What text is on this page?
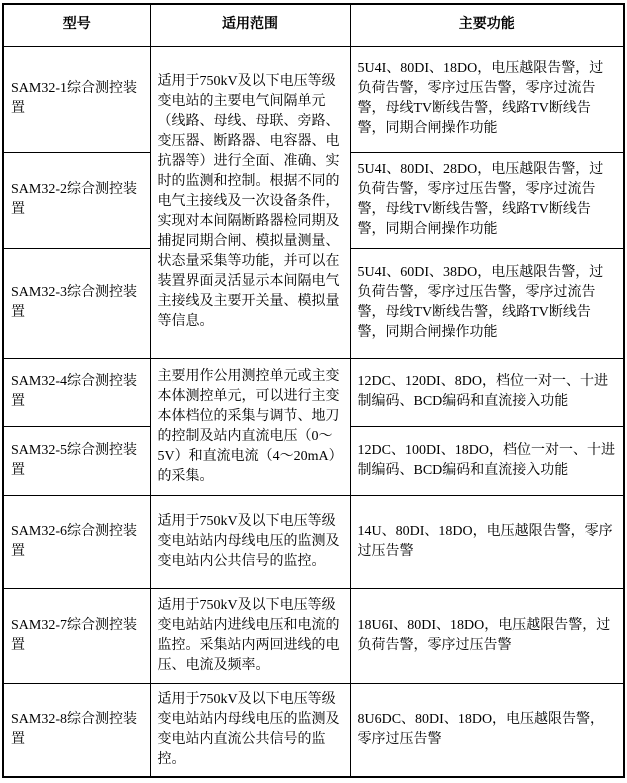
型号	适用范围	主要功能
SAM32-1综合测控装置	适用于750kV及以下电压等级变电站的主要电气间隔单元（线路、母线、母联、旁路、变压器、断路器、电容器、电抗器等）进行全面、准确、实时的监测和控制。根据不同的电气主接线及一次设备条件，实现对本间隔断路器检同期及捕捉同期合闸、模拟量测量、状态量采集等功能，并可以在装置界面灵活显示本间隔电气主接线及主要开关量、模拟量等信息。	5U4I、80DI、18DO，电压越限告警，过负荷告警，零序过压告警，零序过流告警，母线TV断线告警，线路TV断线告警，同期合闸操作功能
SAM32-2综合测控装置		5U4I、80DI、28DO，电压越限告警，过负荷告警，零序过压告警，零序过流告警，母线TV断线告警，线路TV断线告警，同期合闸操作功能
SAM32-3综合测控装置		5U4I、60DI、38DO，电压越限告警，过负荷告警，零序过压告警，零序过流告警，母线TV断线告警，线路TV断线告警，同期合闸操作功能
SAM32-4综合测控装置	主要用作公用测控单元或主变本体测控单元，可以进行主变本体档位的采集与调节、地刀的控制及站内直流电压（0～5V）和直流电流（4～20mA）的采集。	12DC、120DI、8DO，档位一对一、十进制编码、BCD编码和直流接入功能
SAM32-5综合测控装置		12DC、100DI、18DO，档位一对一、十进制编码、BCD编码和直流接入功能
SAM32-6综合测控装置	适用于750kV及以下电压等级变电站站内母线电压的监测及变电站内公共信号的监控。	14U、80DI、18DO，电压越限告警，零序过压告警
SAM32-7综合测控装置	适用于750kV及以下电压等级变电站站内进线电压和电流的监控。采集站内两回进线的电压、电流及频率。	18U6I、80DI、18DO，电压越限告警，过负荷告警，零序过压告警
SAM32-8综合测控装置	适用于750kV及以下电压等级变电站站内母线电压的监测及变电站内直流公共信号的监控。	8U6DC、80DI、18DO，电压越限告警，零序过压告警
